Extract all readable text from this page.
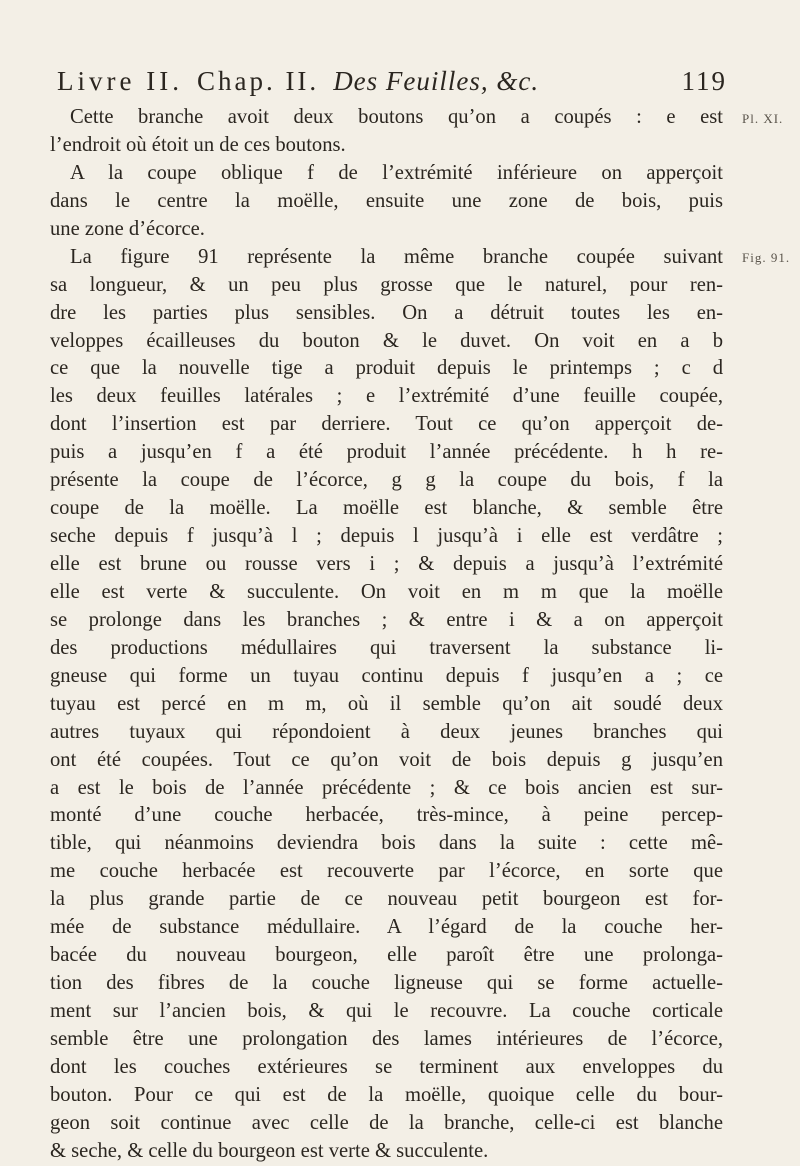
Livre II. Chap. II. Des Feuilles, &c.	119
Pl. XI.
Fig. 91.
Cette branche avoit deux boutons qu’on a coupés : e est
l’endroit où étoit un de ces boutons.
A la coupe oblique f de l’extrémité inférieure on apperçoit
dans le centre la moëlle, ensuite une zone de bois, puis
une zone d’écorce.
La figure 91 représente la même branche coupée suivant
sa longueur, & un peu plus grosse que le naturel, pour ren-
dre les parties plus sensibles. On a détruit toutes les en-
veloppes écailleuses du bouton & le duvet. On voit en a b
ce que la nouvelle tige a produit depuis le printemps ; c d
les deux feuilles latérales ; e l’extrémité d’une feuille coupée,
dont l’insertion est par derriere. Tout ce qu’on apperçoit de-
puis a jusqu’en f a été produit l’année précédente. h h re-
présente la coupe de l’écorce, g g la coupe du bois, f la
coupe de la moëlle. La moëlle est blanche, & semble être
seche depuis f jusqu’à l ; depuis l jusqu’à i elle est verdâtre ;
elle est brune ou rousse vers i ; & depuis a jusqu’à l’extrémité
elle est verte & succulente. On voit en m m que la moëlle
se prolonge dans les branches ; & entre i & a on apperçoit
des productions médullaires qui traversent la substance li-
gneuse qui forme un tuyau continu depuis f jusqu’en a ; ce
tuyau est percé en m m, où il semble qu’on ait soudé deux
autres tuyaux qui répondoient à deux jeunes branches qui
ont été coupées. Tout ce qu’on voit de bois depuis g jusqu’en
a est le bois de l’année précédente ; & ce bois ancien est sur-
monté d’une couche herbacée, très-mince, à peine percep-
tible, qui néanmoins deviendra bois dans la suite : cette mê-
me couche herbacée est recouverte par l’écorce, en sorte que
la plus grande partie de ce nouveau petit bourgeon est for-
mée de substance médullaire. A l’égard de la couche her-
bacée du nouveau bourgeon, elle paroît être une prolonga-
tion des fibres de la couche ligneuse qui se forme actuelle-
ment sur l’ancien bois, & qui le recouvre. La couche corticale
semble être une prolongation des lames intérieures de l’écorce,
dont les couches extérieures se terminent aux enveloppes du
bouton. Pour ce qui est de la moëlle, quoique celle du bour-
geon soit continue avec celle de la branche, celle-ci est blanche
& seche, & celle du bourgeon est verte & succulente.
